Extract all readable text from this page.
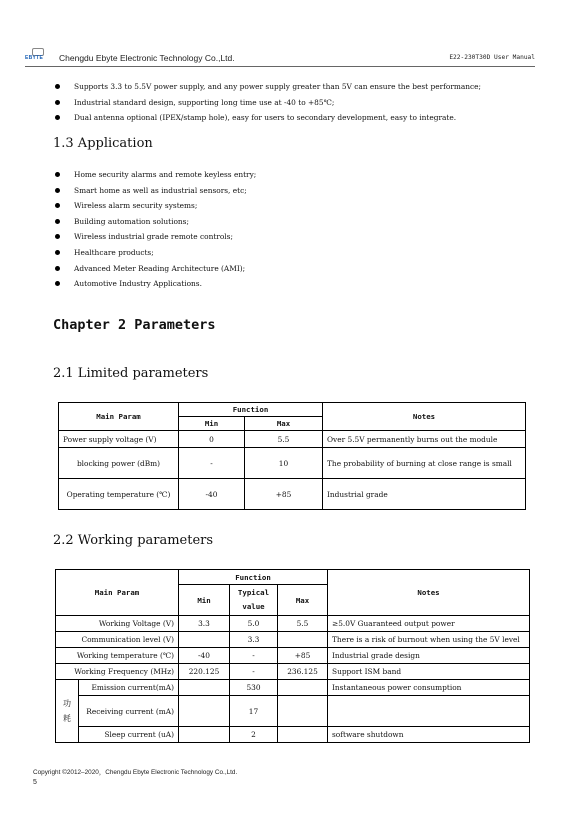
EBYTE Chengdu Ebyte Electronic Technology Co.,Ltd.	E22-230T30D User Manual
Supports 3.3 to 5.5V power supply, and any power supply greater than 5V can ensure the best performance;
Industrial standard design, supporting long time use at -40 to +85℃;
Dual antenna optional (IPEX/stamp hole), easy for users to secondary development, easy to integrate.
1.3 Application
Home security alarms and remote keyless entry;
Smart home as well as industrial sensors, etc;
Wireless alarm security systems;
Building automation solutions;
Wireless industrial grade remote controls;
Healthcare products;
Advanced Meter Reading Architecture (AMI);
Automotive Industry Applications.
Chapter 2 Parameters
2.1 Limited parameters
Main Param	Function		Notes
	Min	Max	
Power supply voltage (V)	0	5.5	Over 5.5V permanently burns out the module
blocking power (dBm)	-	10	The probability of burning at close range is small
Operating temperature (℃)	-40	+85	Industrial grade
2.2 Working parameters
Main Param		Function			Notes
		Min	Typical value	Max	
Working Voltage (V)		3.3	5.0	5.5	≥5.0V Guaranteed output power
Communication level (V)			3.3		There is a risk of burnout when using the 5V level
Working temperature (℃)		-40	-	+85	Industrial grade design
Working Frequency (MHz)		220.125	-	236.125	Support ISM band
功耗	Emission current(mA)		530		Instantaneous power consumption
	Receiving current (mA)		17		
	Sleep current (uA)		2		software shutdown
Copyright ©2012–2020，Chengdu Ebyte Electronic Technology Co.,Ltd.
5
